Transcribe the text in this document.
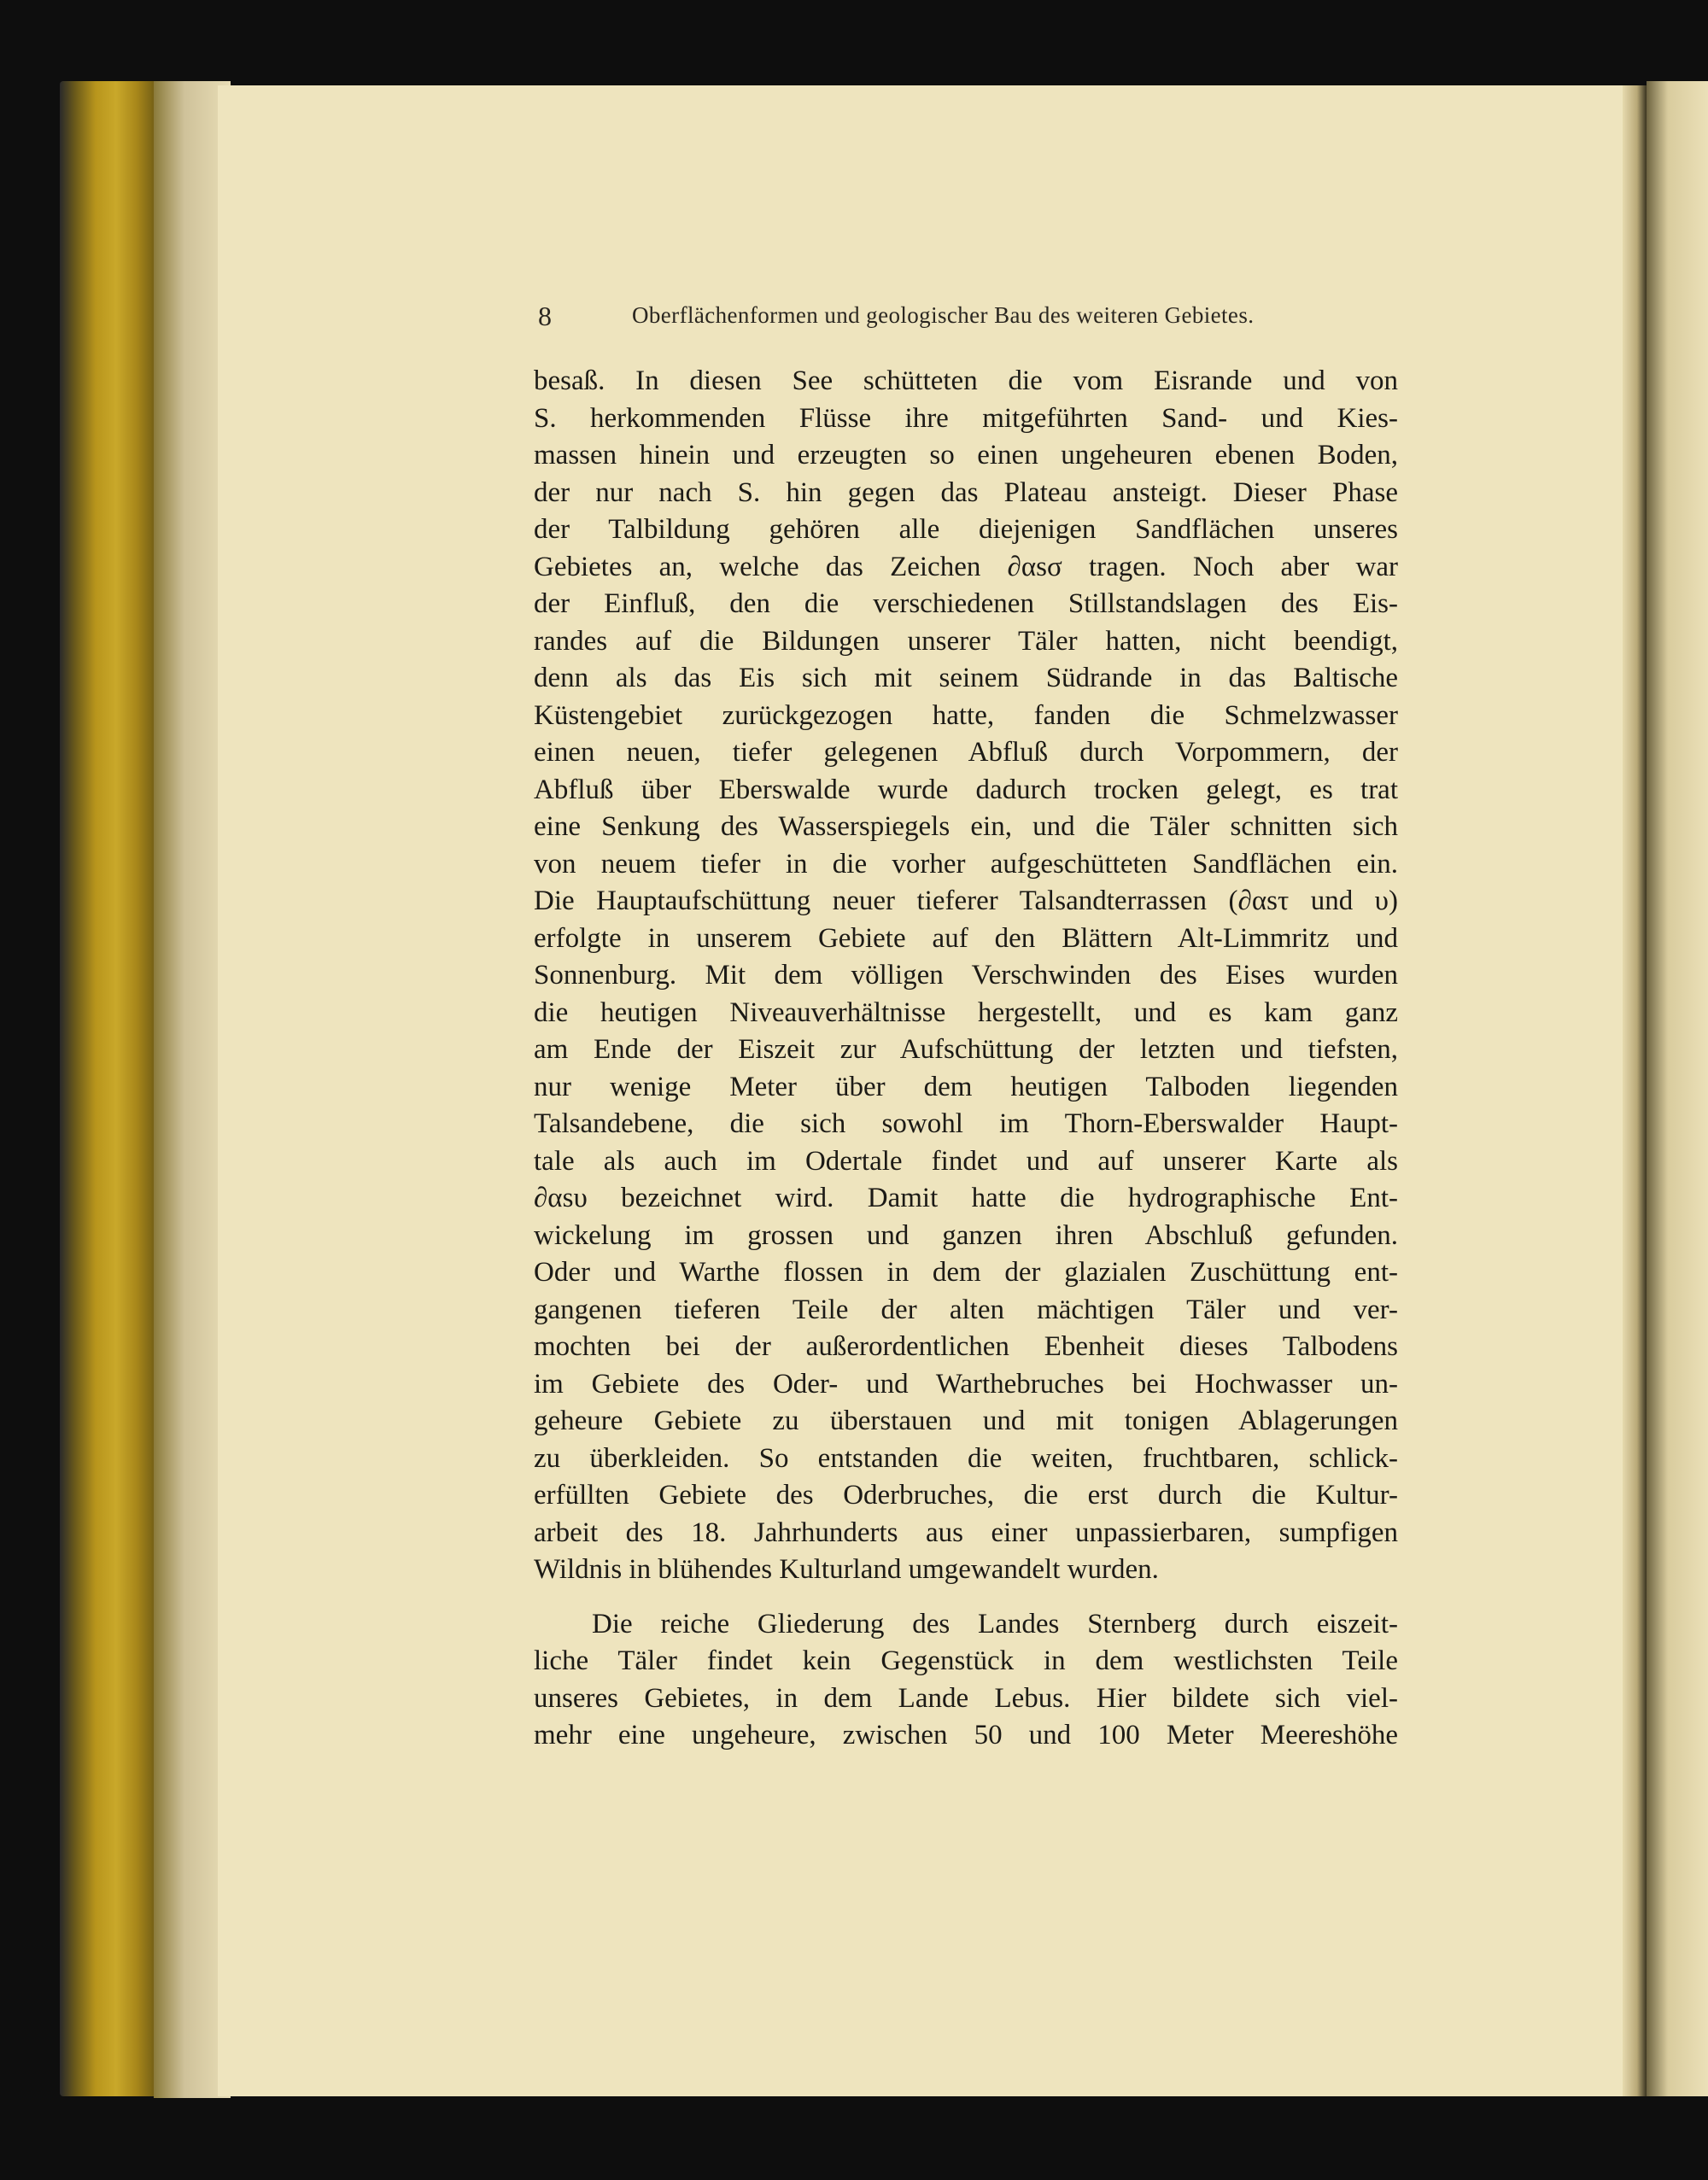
8	Oberflächenformen und geologischer Bau des weiteren Gebietes.
besaß. In diesen See schütteten die vom Eisrande und von
S. herkommenden Flüsse ihre mitgeführten Sand- und Kies-
massen hinein und erzeugten so einen ungeheuren ebenen Boden,
der nur nach S. hin gegen das Plateau ansteigt. Dieser Phase
der Talbildung gehören alle diejenigen Sandflächen unseres
Gebietes an, welche das Zeichen ∂αsσ tragen. Noch aber war
der Einfluß, den die verschiedenen Stillstandslagen des Eis-
randes auf die Bildungen unserer Täler hatten, nicht beendigt,
denn als das Eis sich mit seinem Südrande in das Baltische
Küstengebiet zurückgezogen hatte, fanden die Schmelzwasser
einen neuen, tiefer gelegenen Abfluß durch Vorpommern, der
Abfluß über Eberswalde wurde dadurch trocken gelegt, es trat
eine Senkung des Wasserspiegels ein, und die Täler schnitten sich
von neuem tiefer in die vorher aufgeschütteten Sandflächen ein.
Die Hauptaufschüttung neuer tieferer Talsandterrassen (∂αsτ und υ)
erfolgte in unserem Gebiete auf den Blättern Alt-Limmritz und
Sonnenburg. Mit dem völligen Verschwinden des Eises wurden
die heutigen Niveauverhältnisse hergestellt, und es kam ganz
am Ende der Eiszeit zur Aufschüttung der letzten und tiefsten,
nur wenige Meter über dem heutigen Talboden liegenden
Talsandebene, die sich sowohl im Thorn-Eberswalder Haupt-
tale als auch im Odertale findet und auf unserer Karte als
∂αsυ bezeichnet wird. Damit hatte die hydrographische Ent-
wickelung im grossen und ganzen ihren Abschluß gefunden.
Oder und Warthe flossen in dem der glazialen Zuschüttung ent-
gangenen tieferen Teile der alten mächtigen Täler und ver-
mochten bei der außerordentlichen Ebenheit dieses Talbodens
im Gebiete des Oder- und Warthebruches bei Hochwasser un-
geheure Gebiete zu überstauen und mit tonigen Ablagerungen
zu überkleiden. So entstanden die weiten, fruchtbaren, schlick-
erfüllten Gebiete des Oderbruches, die erst durch die Kultur-
arbeit des 18. Jahrhunderts aus einer unpassierbaren, sumpfigen
Wildnis in blühendes Kulturland umgewandelt wurden.
Die reiche Gliederung des Landes Sternberg durch eiszeit-
liche Täler findet kein Gegenstück in dem westlichsten Teile
unseres Gebietes, in dem Lande Lebus. Hier bildete sich viel-
mehr eine ungeheure, zwischen 50 und 100 Meter Meereshöhe
